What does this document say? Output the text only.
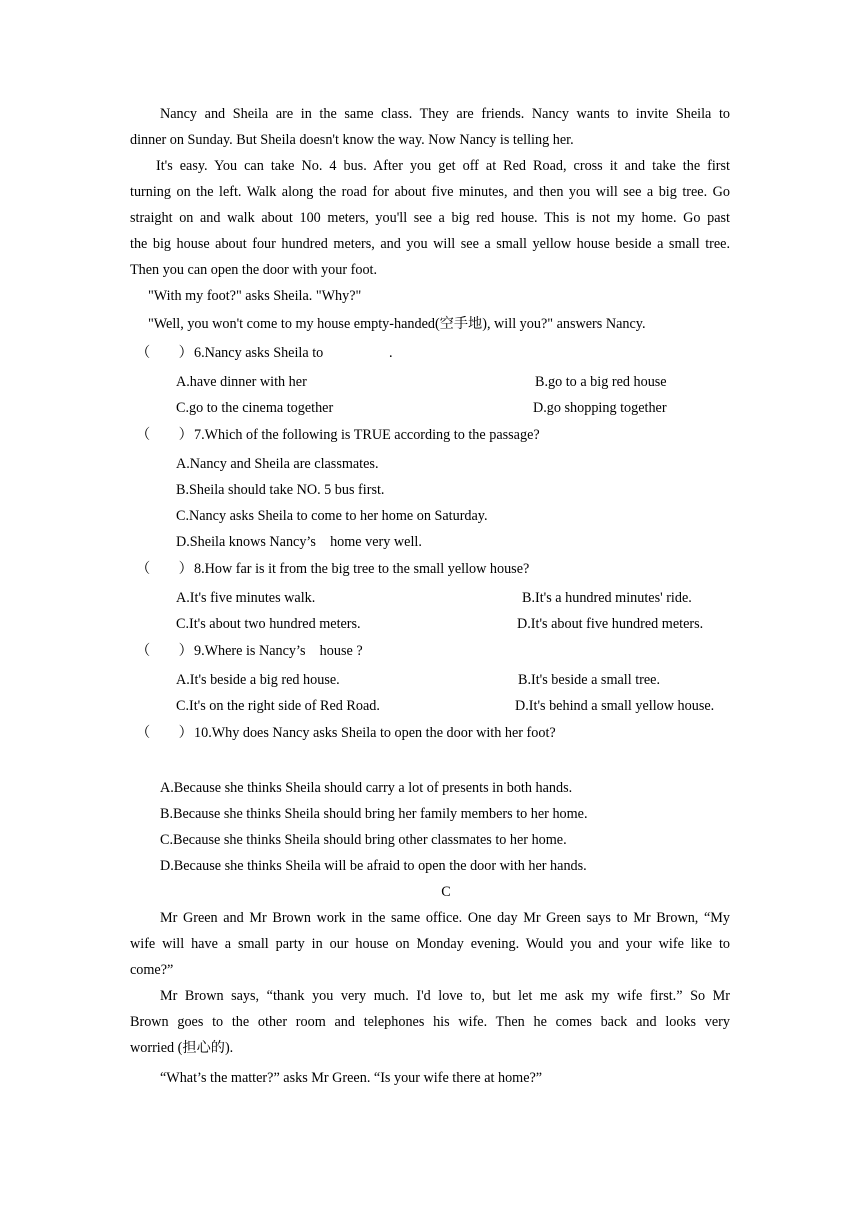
Nancy and Sheila are in the same class. They are friends. Nancy wants to invite Sheila to
dinner on Sunday. But Sheila doesn't know the way. Now Nancy is telling her.
It's easy. You can take No. 4 bus. After you get off at Red Road, cross it and take the first
turning on the left. Walk along the road for about five minutes, and then you will see a big tree. Go
straight on and walk about 100 meters, you'll see a big red house. This is not my home. Go past
the big house about four hundred meters, and you will see a small yellow house beside a small tree.
Then you can open the door with your foot.
"With my foot?" asks Sheila. "Why?"
"Well, you won't come to my house empty-handed(空手地), will you?" answers Nancy.
（　　） 6.Nancy asks Sheila to	.
A.have dinner with her	B.go to a big red house
C.go to the cinema together	D.go shopping together
（　　） 7.Which of the following is TRUE according to the passage?
A.Nancy and Sheila are classmates.
B.Sheila should take NO. 5 bus first.
C.Nancy asks Sheila to come to her home on Saturday.
D.Sheila knows Nancy’s　home very well.
（　　） 8.How far is it from the big tree to the small yellow house?
A.It's five minutes walk.	B.It's a hundred minutes' ride.
C.It's about two hundred meters.	D.It's about five hundred meters.
（　　） 9.Where is Nancy’s　house ?
A.It's beside a big red house.	B.It's beside a small tree.
C.It's on the right side of Red Road.	D.It's behind a small yellow house.
（　　） 10.Why does Nancy asks Sheila to open the door with her foot?
A.Because she thinks Sheila should carry a lot of presents in both hands.
B.Because she thinks Sheila should bring her family members to her home.
C.Because she thinks Sheila should bring other classmates to her home.
D.Because she thinks Sheila will be afraid to open the door with her hands.
C
Mr Green and Mr Brown work in the same office. One day Mr Green says to Mr Brown, “My
wife will have a small party in our house on Monday evening. Would you and your wife like to
come?”
Mr Brown says, “thank you very much. I'd love to, but let me ask my wife first.” So Mr
Brown goes to the other room and telephones his wife. Then he comes back and looks very
worried (担心的).
“What’s the matter?” asks Mr Green. “Is your wife there at home?”
